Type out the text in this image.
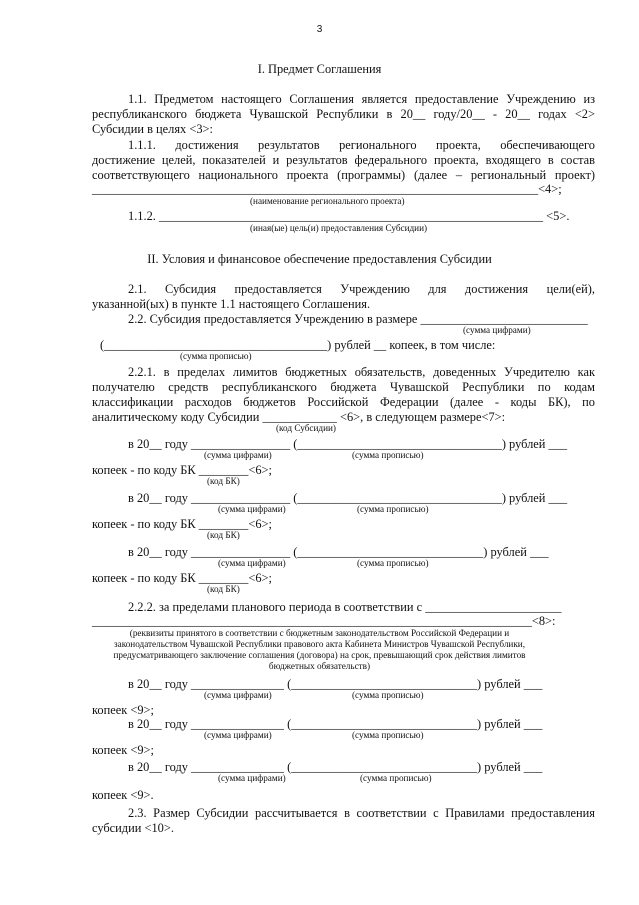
3
I. Предмет Соглашения
1.1. Предметом настоящего Соглашения является предоставление Учреждению из
республиканского бюджета Чувашской Республики в 20__ году/20__ - 20__ годах <2>
Субсидии в целях <3>:
1.1.1. достижения результатов регионального проекта, обеспечивающего
достижение целей, показателей и результатов федерального проекта, входящего в состав
соответствующего национального проекта (программы) (далее – региональный проект)
________________________________________________________________________<4>;
(наименование регионального проекта)
1.1.2. ______________________________________________________________ <5>.
(иная(ые) цель(и) предоставления Субсидии)
II. Условия и финансовое обеспечение предоставления Субсидии
2.1. Субсидия предоставляется Учреждению для достижения цели(ей),
указанной(ых) в пункте 1.1 настоящего Соглашения.
2.2. Субсидия предоставляется Учреждению в размере ___________________________
(сумма цифрами)
(____________________________________) рублей __ копеек, в том числе:
(сумма прописью)
2.2.1. в пределах лимитов бюджетных обязательств, доведенных Учредителю как
получателю средств республиканского бюджета Чувашской Республики по кодам
классификации расходов бюджетов Российской Федерации (далее - коды БК), по
аналитическому коду Субсидии ____________ <6>, в следующем размере<7>:
(код Субсидии)
в 20__ году ________________ (_________________________________) рублей ___
(сумма цифрами)	(сумма прописью)
копеек - по коду БК ________<6>;
(код БК)
в 20__ году ________________ (_________________________________) рублей ___
(сумма цифрами)	(сумма прописью)
копеек - по коду БК ________<6>;
(код БК)
в 20__ году ________________ (______________________________) рублей ___
(сумма цифрами)	(сумма прописью)
копеек - по коду БК ________<6>;
(код БК)
2.2.2. за пределами планового периода в соответствии с ______________________
_______________________________________________________________________<8>:
(реквизиты принятого в соответствии с бюджетным законодательством Российской Федерации и
законодательством Чувашской Республики правового акта Кабинета Министров Чувашской Республики,
предусматривающего заключение соглашения (договора) на срок, превышающий срок действия лимитов
бюджетных обязательств)
в 20__ году _______________ (______________________________) рублей ___
(сумма цифрами)	(сумма прописью)
копеек <9>;
в 20__ году _______________ (______________________________) рублей ___
(сумма цифрами)	(сумма прописью)
копеек <9>;
в 20__ году _______________ (______________________________) рублей ___
(сумма цифрами)	(сумма прописью)
копеек <9>.
2.3. Размер Субсидии рассчитывается в соответствии с Правилами предоставления
субсидии <10>.
